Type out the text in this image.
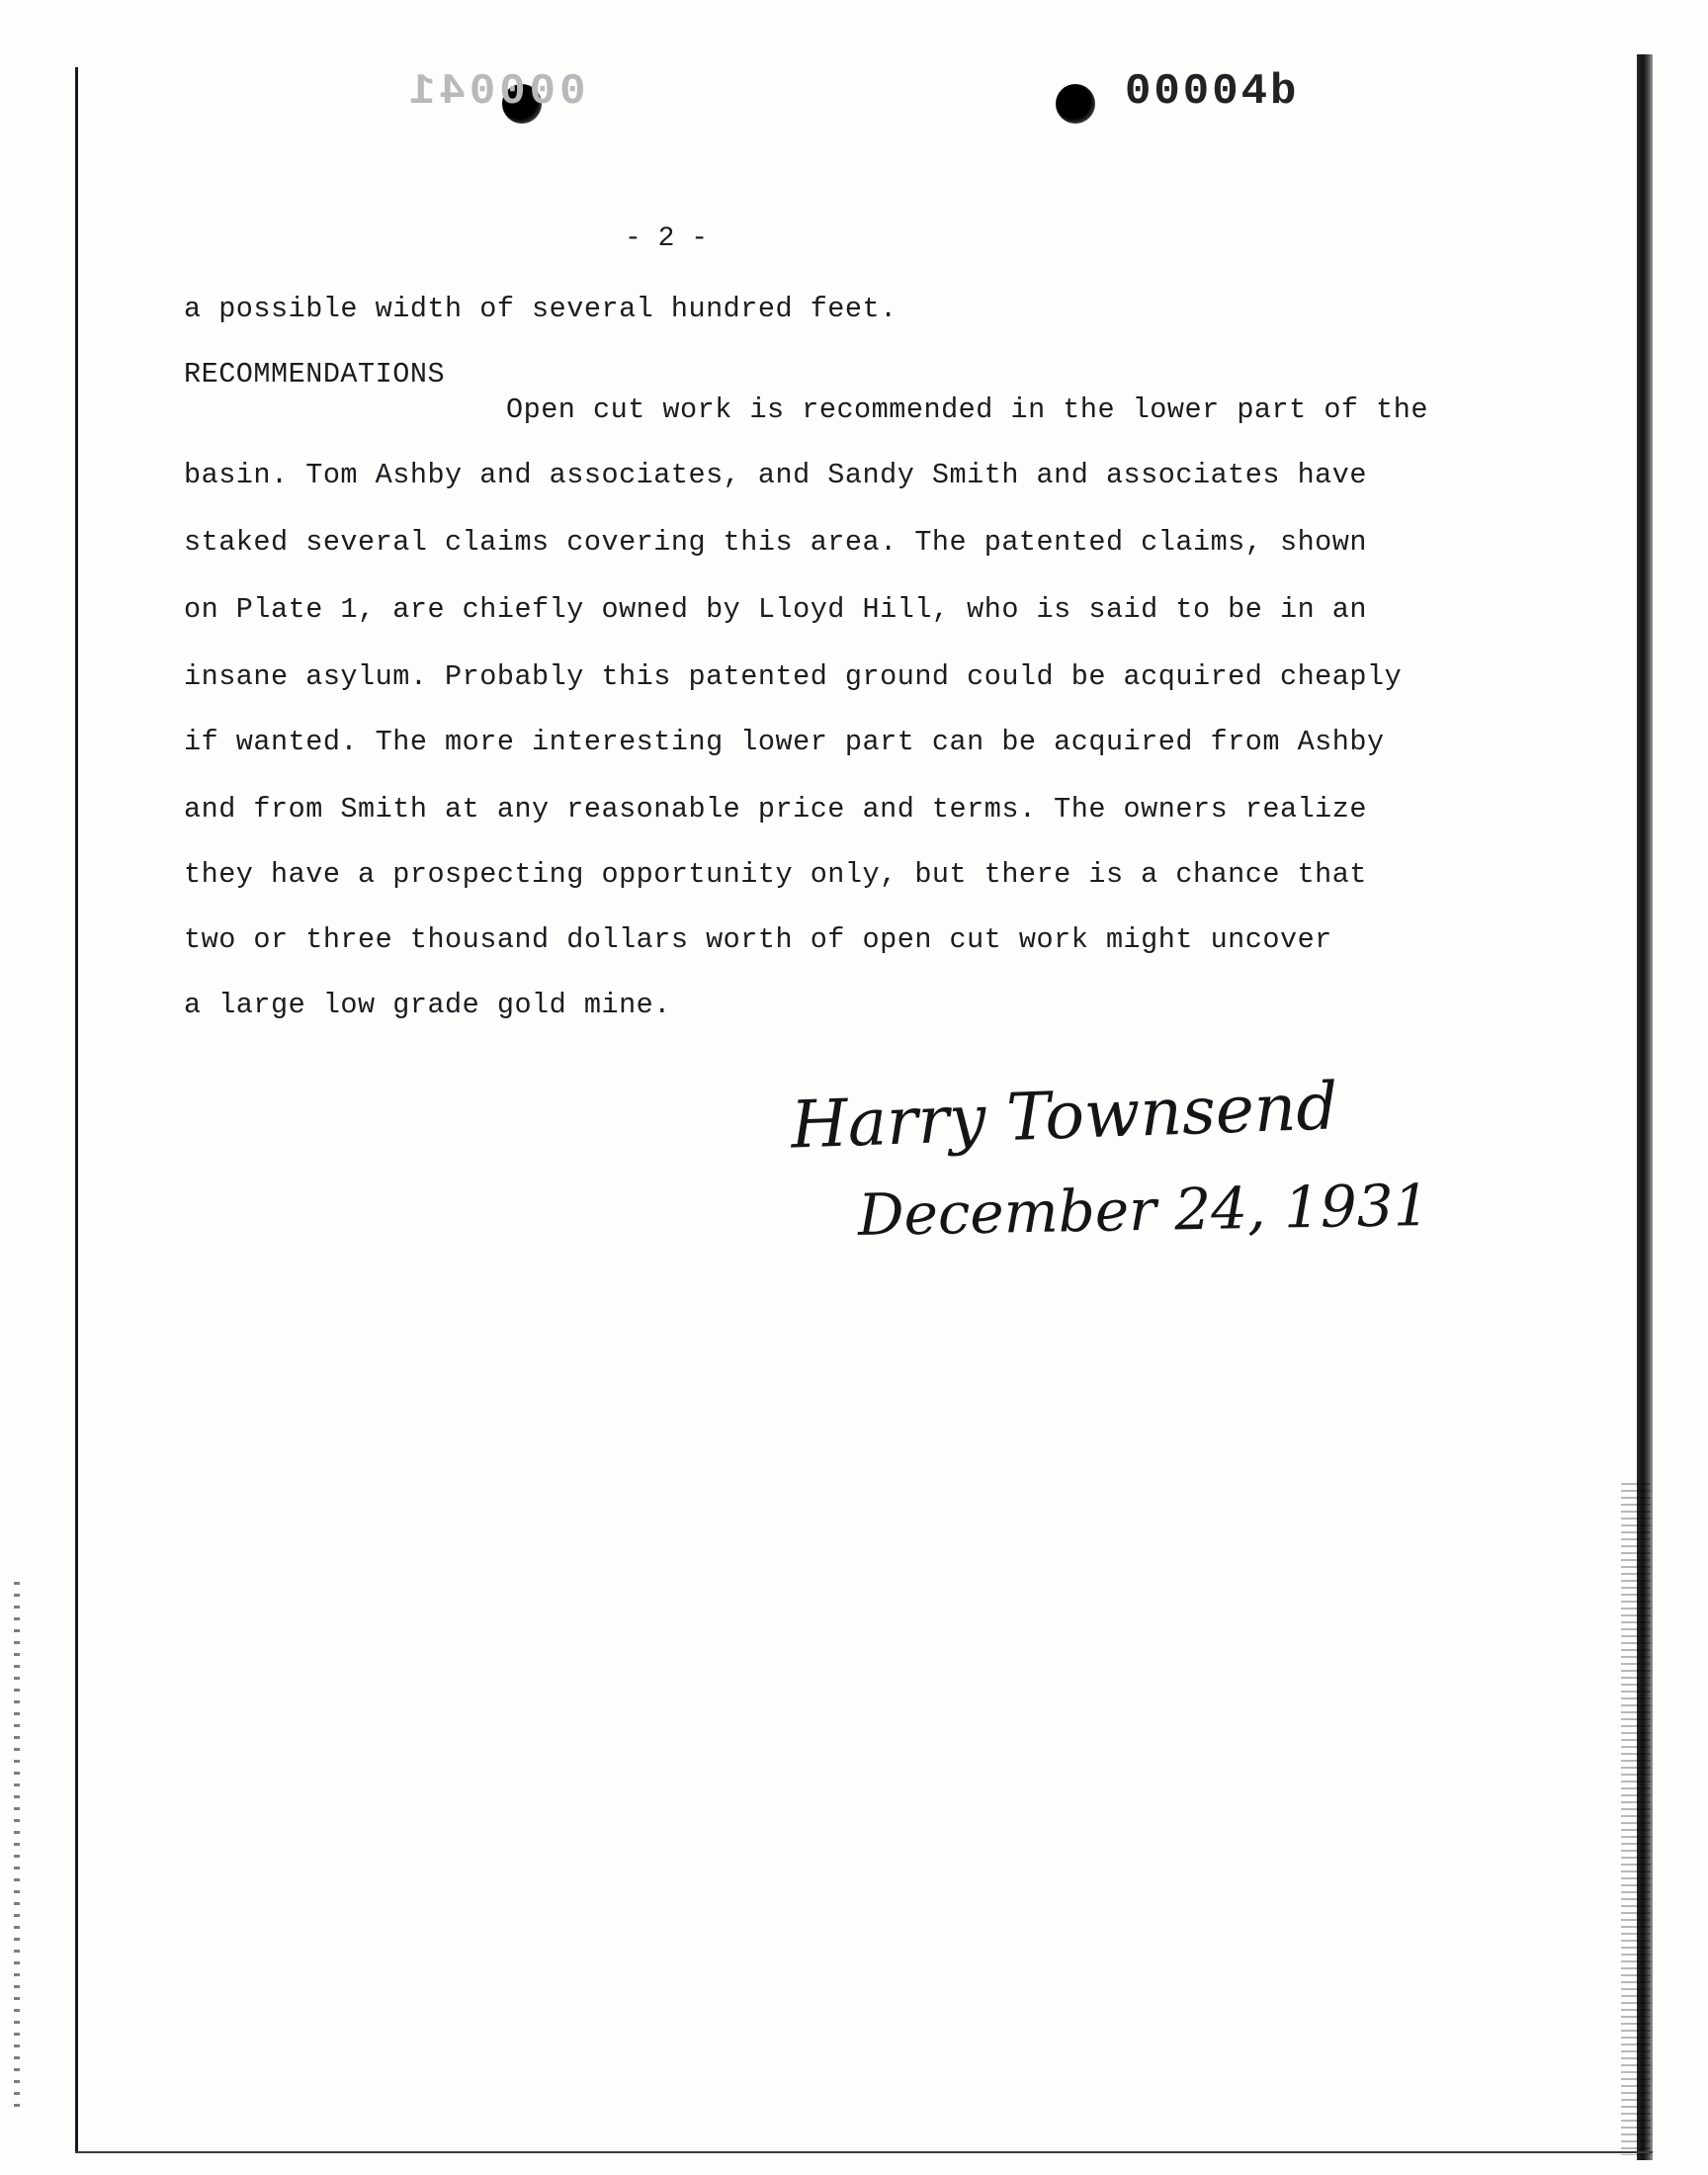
000041	00004b
- 2 -
a possible width of several hundred feet.
RECOMMENDATIONS
Open cut work is recommended in the lower part of the
basin. Tom Ashby and associates, and Sandy Smith and associates have
staked several claims covering this area. The patented claims, shown
on Plate 1, are chiefly owned by Lloyd Hill, who is said to be in an
insane asylum. Probably this patented ground could be acquired cheaply
if wanted. The more interesting lower part can be acquired from Ashby
and from Smith at any reasonable price and terms. The owners realize
they have a prospecting opportunity only, but there is a chance that
two or three thousand dollars worth of open cut work might uncover
a large low grade gold mine.
Harry Townsend
December 24, 1931
